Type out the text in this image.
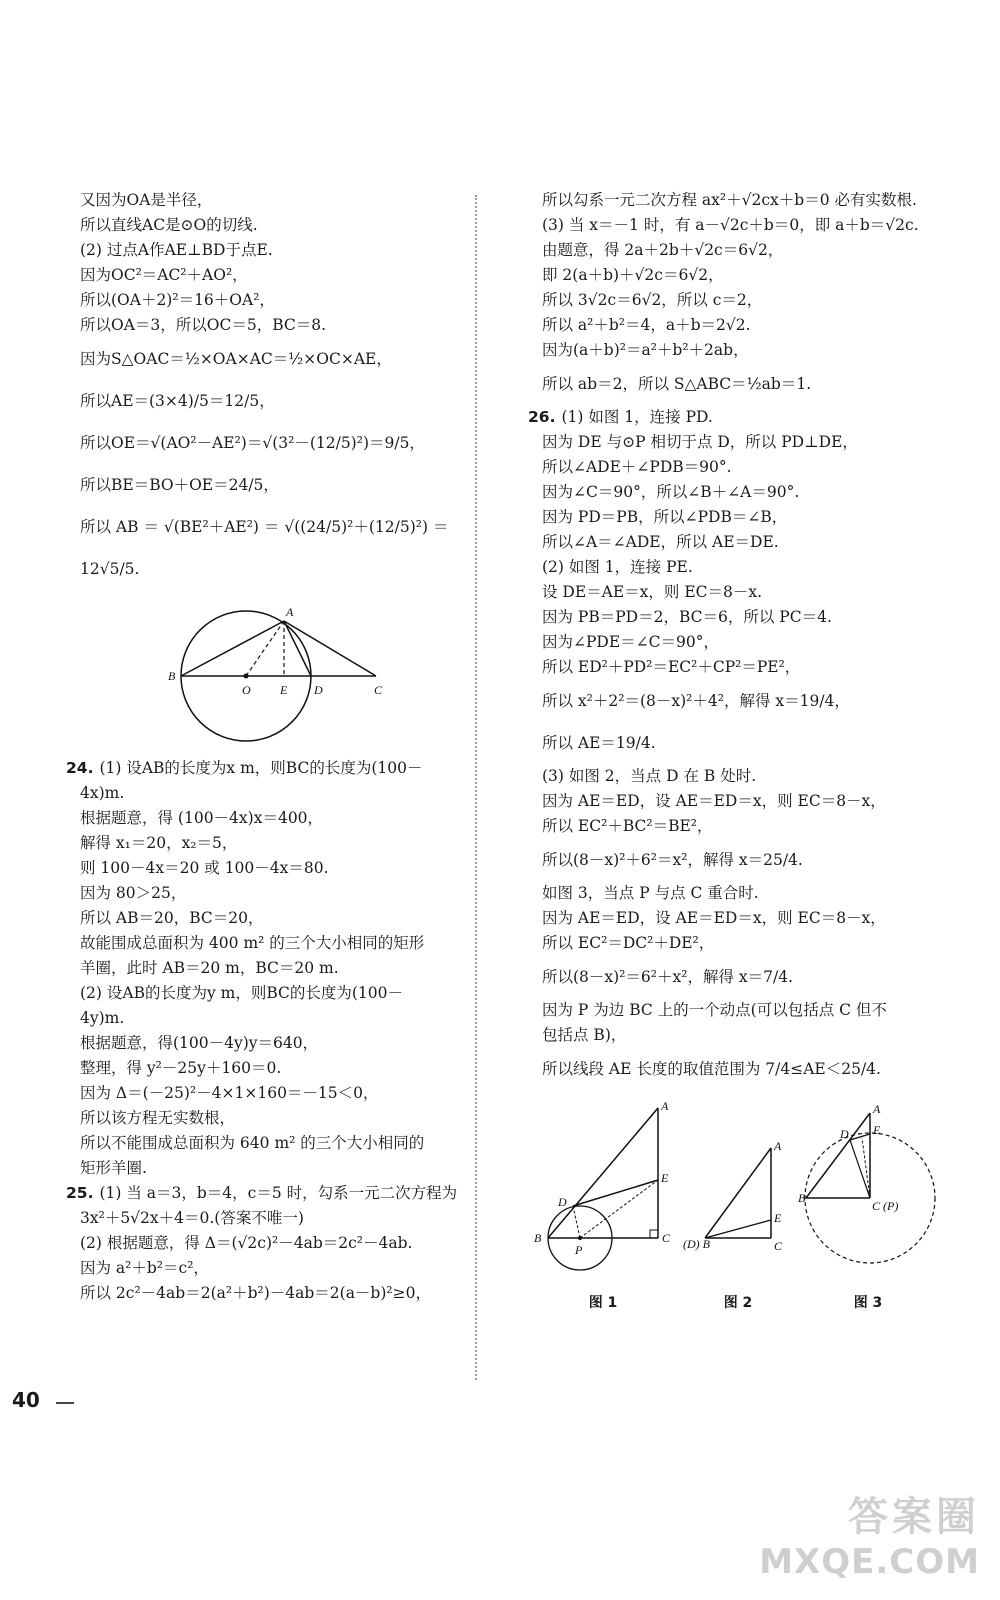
又因为OA是半径，
所以直线AC是⊙O的切线.
(2) 过点A作AE⊥BD于点E.
因为OC²＝AC²＋AO²，
所以(OA＋2)²＝16＋OA²，
所以OA＝3，所以OC＝5，BC＝8.
因为S△OAC＝½×OA×AC＝½×OC×AE，
所以AE＝(3×4)/5＝12/5，
所以OE＝√(AO²－AE²)＝√(3²－(12/5)²)＝9/5，
所以BE＝BO＋OE＝24/5，
所以 AB ＝ √(BE²＋AE²) ＝ √((24/5)²＋(12/5)²) ＝
12√5/5.
A
B
O E D	C
24. (1) 设AB的长度为x m，则BC的长度为(100－
4x)m.
根据题意，得 (100－4x)x＝400，
解得 x₁＝20，x₂＝5，
则 100－4x＝20 或 100－4x＝80.
因为 80＞25，
所以 AB＝20，BC＝20，
故能围成总面积为 400 m² 的三个大小相同的矩形
羊圈，此时 AB＝20 m，BC＝20 m.
(2) 设AB的长度为y m，则BC的长度为(100－
4y)m.
根据题意，得(100－4y)y＝640，
整理，得 y²－25y＋160＝0.
因为 Δ＝(－25)²－4×1×160＝－15＜0，
所以该方程无实数根，
所以不能围成总面积为 640 m² 的三个大小相同的
矩形羊圈.
25. (1) 当 a＝3，b＝4，c＝5 时，勾系一元二次方程为
3x²＋5√2x＋4＝0.(答案不唯一)
(2) 根据题意，得 Δ＝(√2c)²－4ab＝2c²－4ab.
因为 a²＋b²＝c²，
所以 2c²－4ab＝2(a²＋b²)－4ab＝2(a－b)²≥0，
所以勾系一元二次方程 ax²＋√2cx＋b＝0 必有实数根.
(3) 当 x＝－1 时，有 a－√2c＋b＝0，即 a＋b＝√2c.
由题意，得 2a＋2b＋√2c＝6√2，
即 2(a＋b)＋√2c＝6√2，
所以 3√2c＝6√2，所以 c＝2，
所以 a²＋b²＝4，a＋b＝2√2.
因为(a＋b)²＝a²＋b²＋2ab，
所以 ab＝2，所以 S△ABC＝½ab＝1.
26. (1) 如图 1，连接 PD.
因为 DE 与⊙P 相切于点 D，所以 PD⊥DE，
所以∠ADE＋∠PDB＝90°.
因为∠C＝90°，所以∠B＋∠A＝90°.
因为 PD＝PB，所以∠PDB＝∠B，
所以∠A＝∠ADE，所以 AE＝DE.
(2) 如图 1，连接 PE.
设 DE＝AE＝x，则 EC＝8－x.
因为 PB＝PD＝2，BC＝6，所以 PC＝4.
因为∠PDE＝∠C＝90°，
所以 ED²＋PD²＝EC²＋CP²＝PE²，
所以 x²＋2²＝(8－x)²＋4²，解得 x＝19/4，
所以 AE＝19/4.
(3) 如图 2，当点 D 在 B 处时.
因为 AE＝ED，设 AE＝ED＝x，则 EC＝8－x，
所以 EC²＋BC²＝BE²，
所以(8－x)²＋6²＝x²，解得 x＝25/4.
如图 3，当点 P 与点 C 重合时.
因为 AE＝ED，设 AE＝ED＝x，则 EC＝8－x，
所以 EC²＝DC²＋DE²，
所以(8－x)²＝6²＋x²，解得 x＝7/4.
因为 P 为边 BC 上的一个动点(可以包括点 C 但不
包括点 B)，
所以线段 AE 长度的取值范围为 7/4≤AE＜25/4.
A
D
E
B
P
C
图 1
A
E
(D) B	C
图 2
A
D E
B
C (P)
图 3
40
答案圈
MXQE.COM
